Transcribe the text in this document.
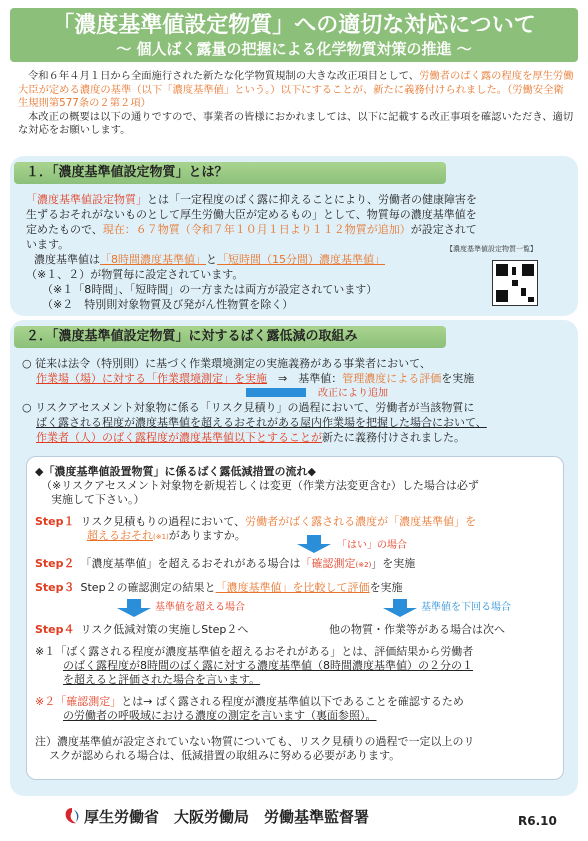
「濃度基準値設定物質」への適切な対応について
～ 個人ばく露量の把握による化学物質対策の推進 ～

令和６年４月１日から全面施行された新たな化学物質規制の大きな改正項目として、労働者のばく露の程度を厚生労働大臣が定める濃度の基準（以下「濃度基準値」という。）以下にすることが、新たに義務付けられました。（労働安全衛生規則第577条の２第２項）

本改正の概要は以下の通りですので、事業者の皆様におかれましては、以下に記載する改正事項を確認いただき、適切な対応をお願いします。

１．「濃度基準値設定物質」とは？
「濃度基準値設定物質」とは「一定程度のばく露に抑えることにより、労働者の健康障害を
生ずるおそれがないものとして厚生労働大臣が定めるもの」として、物質毎の濃度基準値を
定めたもので、現在：６７物質（令和７年１０月１日より１１２物質が追加）が設定されて
います。
濃度基準値は「8時間濃度基準値」と「短時間（15分間）濃度基準値」
（※１、２）が物質毎に設定されています。
（※１「8時間」、「短時間」の一方または両方が設定されています）
（※２　特別則対象物質及び発がん性物質を除く）
【濃度基準値設定物質一覧】
２．「濃度基準値設定物質」に対するばく露低減の取組み
○ 従来は法令（特別則）に基づく作業環境測定の実施義務がある事業者において、
作業場（場）に対する「作業環境測定」を実施　 ⇒　基準値：管理濃度による評価を実施
改正により追加
○ リスクアセスメント対象物に係る「リスク見積り」の過程において、労働者が当該物質に
ばく露される程度が濃度基準値を超えるおそれがある屋内作業場を把握した場合において、
作業者（人）のばく露程度が濃度基準値以下とすることが新たに義務付けされました。
◆「濃度基準値設置物質」に係るばく露低減措置の流れ◆
（※リスクアセスメント対象物を新規若しくは変更（作業方法変更含む）した場合は必ず
実施して下さい。）
Step１ リスク見積もりの過程において、労働者がばく露される濃度が「濃度基準値」を
超えるおそれ(※1)がありますか。
「はい」の場合
Step２ 「濃度基準値」を超えるおそれがある場合は「確認測定(※2)」を実施
Step３ Step２の確認測定の結果と「濃度基準値」を比較して評価を実施
基準値を超える場合	基準値を下回る場合
Step４ リスク低減対策の実施しStep２へ	他の物質・作業等がある場合は次へ
※１「ばく露される程度が濃度基準値を超えるおそれがある」とは、評価結果から労働者
のばく露程度が8時間のばく露に対する濃度基準値（8時間濃度基準値）の２分の１
を超えると評価された場合を言います。
※２「確認測定」とは→ ばく露される程度が濃度基準値以下であることを確認するため
の労働者の呼吸域における濃度の測定を言います（裏面参照）。
注）濃度基準値が設定されていない物質についても、リスク見積りの過程で一定以上のリ
スクが認められる場合は、低減措置の取組みに努める必要があります。
厚生労働省　大阪労働局　労働基準監督署	R6.10
